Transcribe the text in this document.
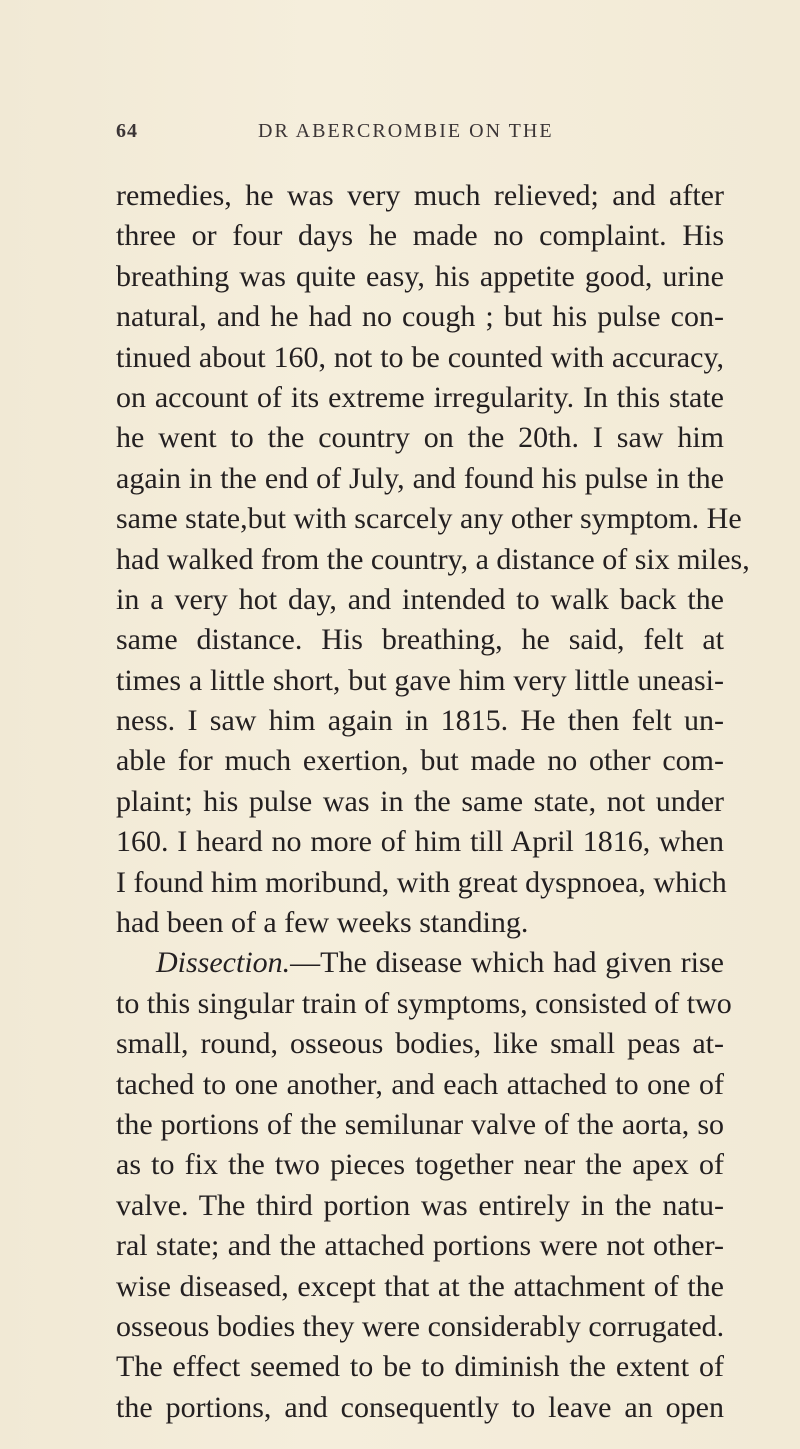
64	DR ABERCROMBIE ON THE
remedies, he was very much relieved; and after
three or four days he made no complaint. His
breathing was quite easy, his appetite good, urine
natural, and he had no cough ; but his pulse con-
tinued about 160, not to be counted with accuracy,
on account of its extreme irregularity. In this state
he went to the country on the 20th. I saw him
again in the end of July, and found his pulse in the
same state,but with scarcely any other symptom. He
had walked from the country, a distance of six miles,
in a very hot day, and intended to walk back the
same distance. His breathing, he said, felt at
times a little short, but gave him very little uneasi-
ness. I saw him again in 1815. He then felt un-
able for much exertion, but made no other com-
plaint; his pulse was in the same state, not under
160. I heard no more of him till April 1816, when
I found him moribund, with great dyspnoea, which
had been of a few weeks standing.
Dissection.—The disease which had given rise
to this singular train of symptoms, consisted of two
small, round, osseous bodies, like small peas at-
tached to one another, and each attached to one of
the portions of the semilunar valve of the aorta, so
as to fix the two pieces together near the apex of
valve. The third portion was entirely in the natu-
ral state; and the attached portions were not other-
wise diseased, except that at the attachment of the
osseous bodies they were considerably corrugated.
The effect seemed to be to diminish the extent of
the portions, and consequently to leave an open
